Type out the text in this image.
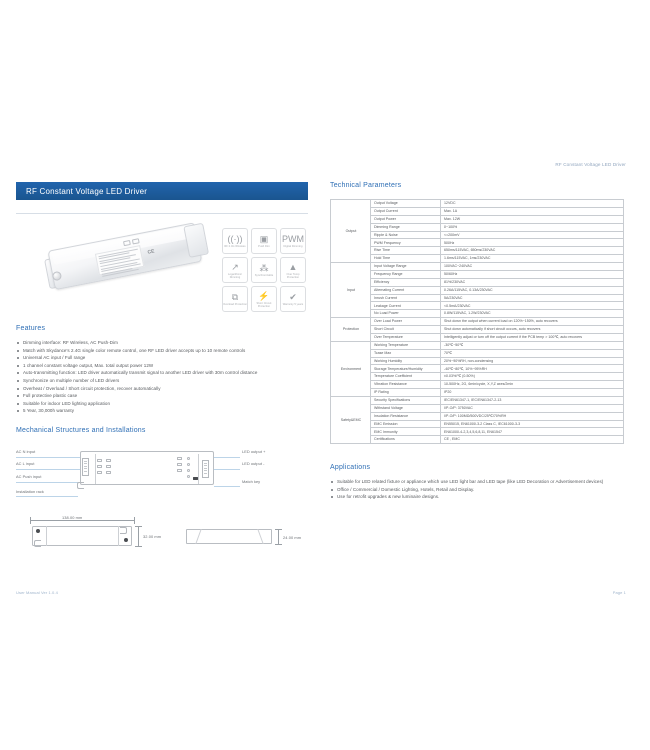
RF Constant Voltage LED Driver
RF Constant Voltage LED Driver
CE
((·))
RF 2.4G Wireless
▣
Push Dim
PWM
Digital Dimming
↗
Logarithmic Dimming
⁂
Synchronizable
▲
Over Temp Protection
⧉
Overload Protection
⚡
Short Circuit Protection
✔
Warranty 5 years
Features
Dimming interface: RF Wireless, AC Push-Dim
Match with Skydance's 2.4G single color remote control, one RF LED driver accepts up to 10 remote controls
Universal AC input / Full range
1 channel constant voltage output, Max. total output power 12W
Auto-transmitting function: LED driver automatically transmit signal to another LED driver with 30m control distance
Synchronize on multiple number of LED drivers
Overheat / Overload / Short circuit protection, recover automatically
Full protective plastic case
Suitable for indoor LED lighting application
5 Year, 30,000h warranty
Mechanical Structures and Installations
AC N input
AC L input
AC Push input
Installation rack
LED output +
LED output -
Match key
138.00 mm
32.00 mm	24.00 mm
Technical Parameters
Output	Output Voltage	12VDC
	Output Current	Max. 1A
	Output Power	Max. 12W
	Dimming Range	0~100%
	Ripple & Noise	<=200mV
	PWM Frequency	500Hz
	Rise Time	650ms/115VAC, 650ms/230VAC
	Hold Time	1.6ms/115VAC, 1ms/230VAC
Input	Input Voltage Range	100VAC~240VAC
	Frequency Range	50/60Hz
	Efficiency	81%/230VAC
	Alternating Current	0.26A/115VAC, 0.13A/230VAC
	Inrush Current	5A/230VAC
	Leakage Current	<0.5mA/230VAC
	No Load Power	0.8W/115VAC, 1.2W/230VAC
Protection	Over Load Power	Shut down the output when current load on 120%~150%, auto recovers
	Short Circuit	Shut down automatically if short circuit occurs, auto recovers
	Over Temperature	Intelligently adjust or turn off the output current if the PCB temp > 100℃, auto recovers
Environment	Working Temperature	-30℃~50℃
	Tcase Max	70℃
	Working Humidity	20%~90%RH, non-condensing
	Storage Temperature/Humidity	-40℃~80℃, 10%~95%RH
	Temperature Coefficient	±0.03%/℃ (0-50%)
	Vibration Resistance	10-500Hz, 2G, 6min/cycle, X,Y,Z axes/2min
	IP Rating	IP20
Safety&EMC	Security Specifications	IEC/EN61347-1, IEC/EN61347-2-13
	Withstand Voltage	I/P-O/P: 3750VAC
	Insulation Resistance	I/P-O/P: 100MΩ/500VDC/25℃/70%RH
	EMC Emission	EN55015, EN61000-3-2 Class C, IEC61000-3-3
	EMC Immunity	EN61000-4-2,3,4,5,6,8,11, EN61547
	Certifications	CE , EMC
Applications
Suitable for LED related fixture or appliance which use LED light bar and LED tape (like LED Decoration or Advertisement devices)
Office / Commercial / Domestic Lighting, Hotels, Retail and Display.
Use for retrofit upgrades & new luminaire designs.
User Manual Ver 1.0.4	Page 1
